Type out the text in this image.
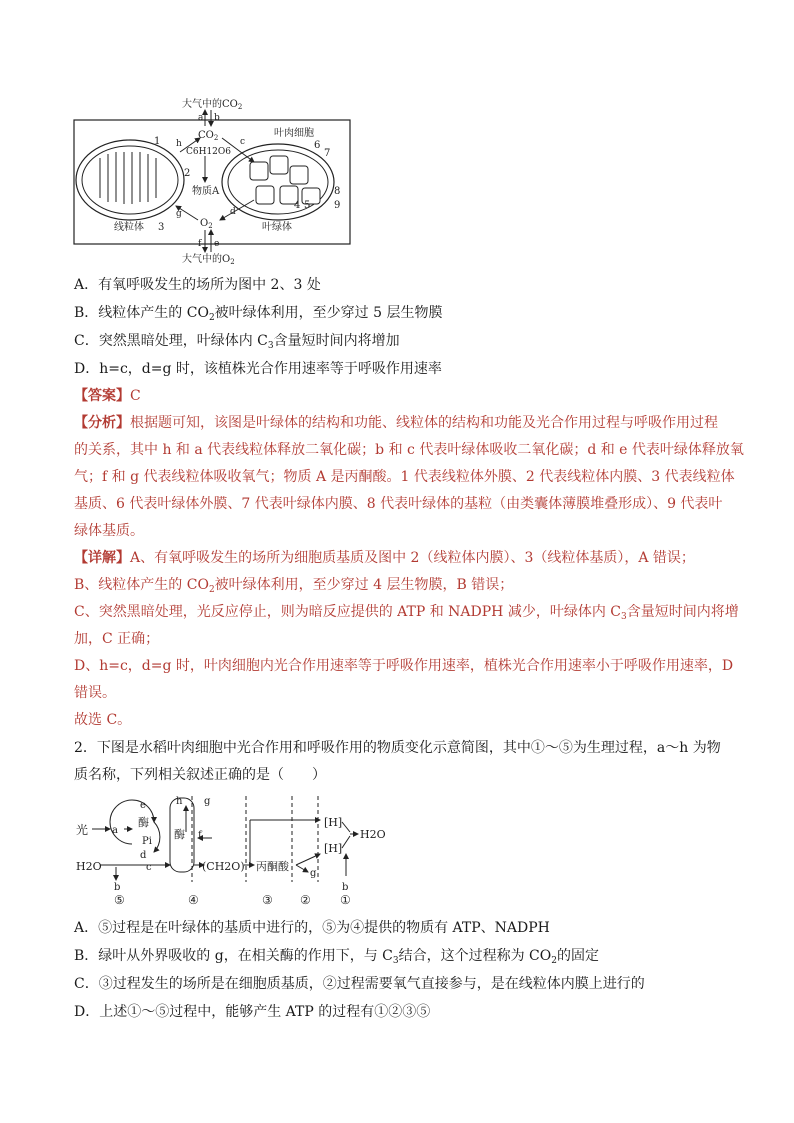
大气中的$CO_2$
a b
$CO_2$
h	c
C6H12O6
物质A
叶肉细胞
$O_2$
g	d
f e
线粒体	叶绿体
大气中的$O_2$
1
2
3
4 5
6
7
8
9
A．有氧呼吸发生的场所为图中 2、3 处
B．线粒体产生的 $CO_2$被叶绿体利用，至少穿过 5 层生物膜
C．突然黑暗处理，叶绿体内 $C_3$含量短时间内将增加
D．h=c，d=g 时，该植株光合作用速率等于呼吸作用速率
【答案】C
【分析】根据题可知，该图是叶绿体的结构和功能、线粒体的结构和功能及光合作用过程与呼吸作用过程
的关系，其中 h 和 a 代表线粒体释放二氧化碳；b 和 c 代表叶绿体吸收二氧化碳；d 和 e 代表叶绿体释放氧
气；f 和 g 代表线粒体吸收氧气；物质 A 是丙酮酸。1 代表线粒体外膜、2 代表线粒体内膜、3 代表线粒体
基质、6 代表叶绿体外膜、7 代表叶绿体内膜、8 代表叶绿体的基粒（由类囊体薄膜堆叠形成）、9 代表叶
绿体基质。
【详解】A、有氧呼吸发生的场所为细胞质基质及图中 2（线粒体内膜）、3（线粒体基质），A 错误；
B、线粒体产生的 $CO_2$被叶绿体利用，至少穿过 4 层生物膜，B 错误；
C、突然黑暗处理，光反应停止，则为暗反应提供的 ATP 和 NADPH 减少，叶绿体内 $C_3$含量短时间内将增
加，C 正确；
D、h=c，d=g 时，叶肉细胞内光合作用速率等于呼吸作用速率，植株光合作用速率小于呼吸作用速率，D
错误。
故选 C。
2．下图是水稻叶肉细胞中光合作用和呼吸作用的物质变化示意简图，其中①～⑤为生理过程，a～h 为物
质名称，下列相关叙述正确的是（　　）
光 a
e
酶
Pi
d
H2O	c
b
h g
酶 f
(CH2O) 丙酮酸
[H]
[H]
H2O
g
b
⑤	④	③ ② ①
A．⑤过程是在叶绿体的基质中进行的，⑤为④提供的物质有 ATP、NADPH
B．绿叶从外界吸收的 g，在相关酶的作用下，与 $C_3$结合，这个过程称为 $CO_2$的固定
C．③过程发生的场所是在细胞质基质，②过程需要氧气直接参与，是在线粒体内膜上进行的
D．上述①～⑤过程中，能够产生 ATP 的过程有①②③⑤
